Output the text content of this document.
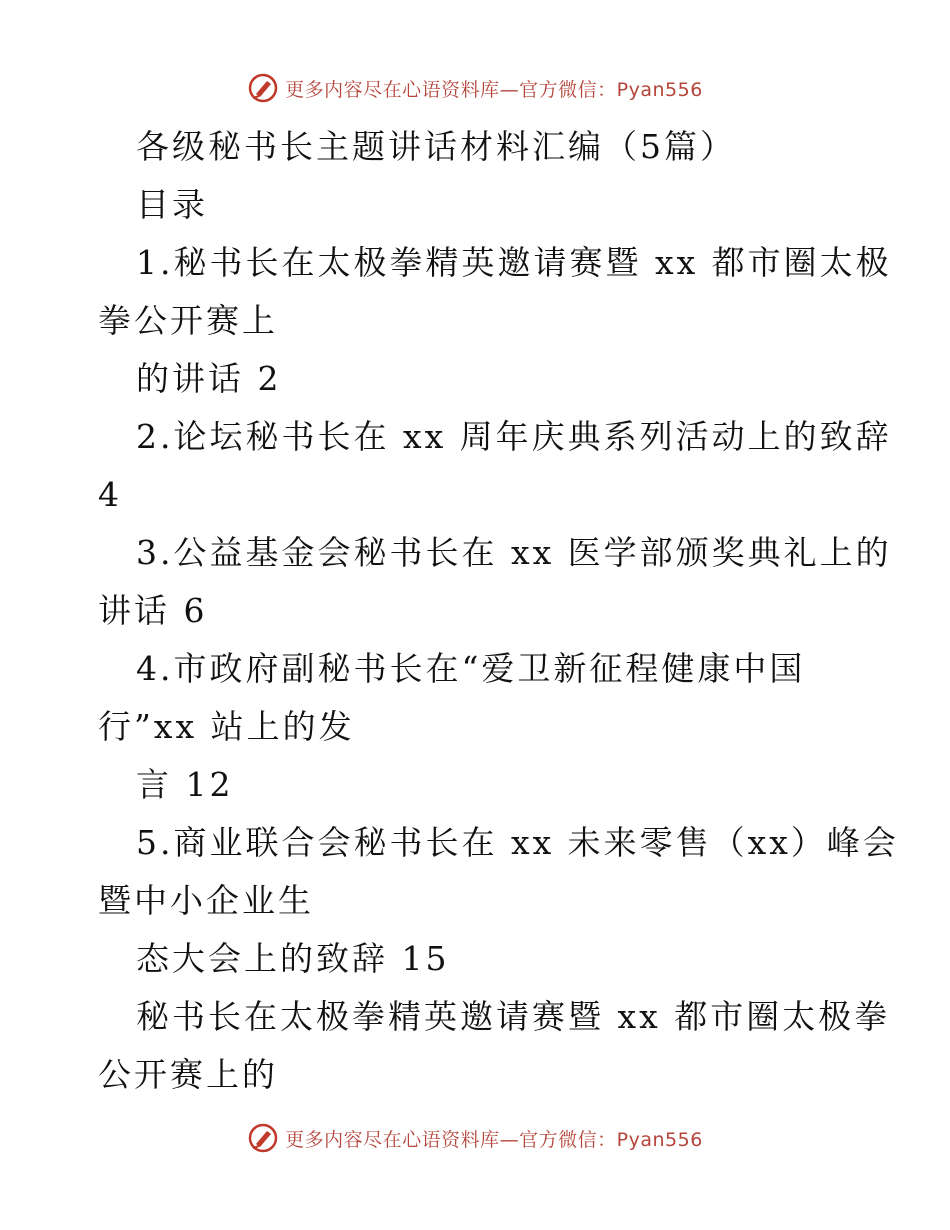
更多内容尽在心语资料库—官方微信：Pyan556
各级秘书长主题讲话材料汇编（5篇）
目录
1.秘书长在太极拳精英邀请赛暨 xx 都市圈太极
拳公开赛上
的讲话 2
2.论坛秘书长在 xx 周年庆典系列活动上的致辞
4
3.公益基金会秘书长在 xx 医学部颁奖典礼上的
讲话 6
4.市政府副秘书长在“爱卫新征程健康中国
行”xx 站上的发
言 12
5.商业联合会秘书长在 xx 未来零售（xx）峰会
暨中小企业生
态大会上的致辞 15
秘书长在太极拳精英邀请赛暨 xx 都市圈太极拳
公开赛上的
更多内容尽在心语资料库—官方微信：Pyan556
